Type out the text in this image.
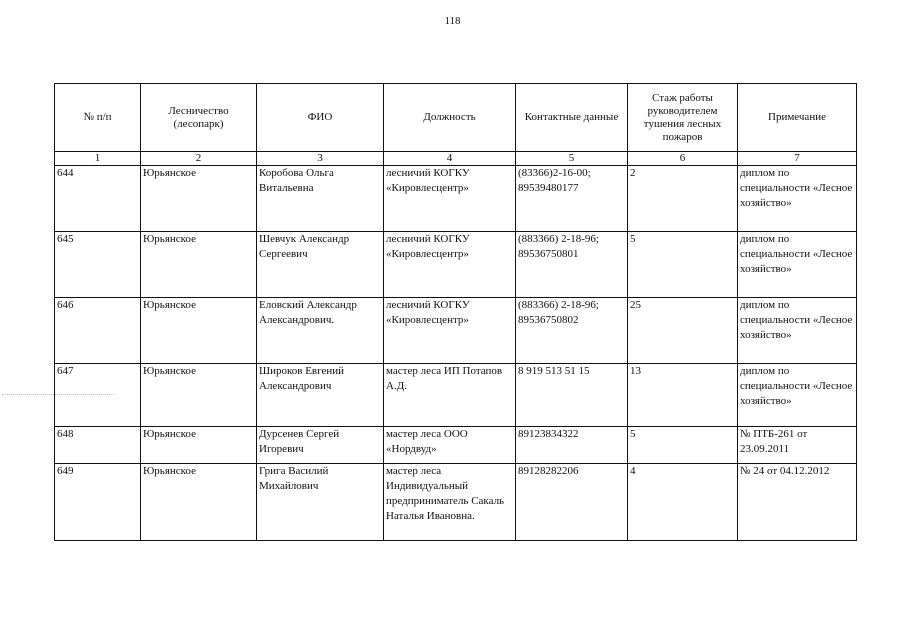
118
№ п/п	Лесничество (лесопарк)	ФИО	Должность	Контактные данные	Стаж работы руководителем тушения лесных пожаров	Примечание
1	2	3	4	5	6	7
644	Юрьянское	Коробова Ольга Витальевна	лесничий КОГКУ «Кировлесцентр»	(83366)2-16-00; 89539480177	2	диплом по специальности «Лесное хозяйство»
645	Юрьянское	Шевчук Александр Сергеевич	лесничий КОГКУ «Кировлесцентр»	(883366) 2-18-96; 89536750801	5	диплом по специальности «Лесное хозяйство»
646	Юрьянское	Еловский Александр Александрович.	лесничий КОГКУ «Кировлесцентр»	(883366) 2-18-96; 89536750802	25	диплом по специальности «Лесное хозяйство»
647	Юрьянское	Широков Евгений Александрович	мастер леса ИП Потапов А.Д.	8 919 513 51 15	13	диплом по специальности «Лесное хозяйство»
648	Юрьянское	Дурсенев Сергей Игоревич	мастер леса ООО «Нордвуд»	89123834322	5	№ ПТБ-261 от 23.09.2011
649	Юрьянское	Грига Василий Михайлович	мастер леса Индивидуальный предприниматель Сакаль Наталья Ивановна.	89128282206	4	№ 24 от 04.12.2012
